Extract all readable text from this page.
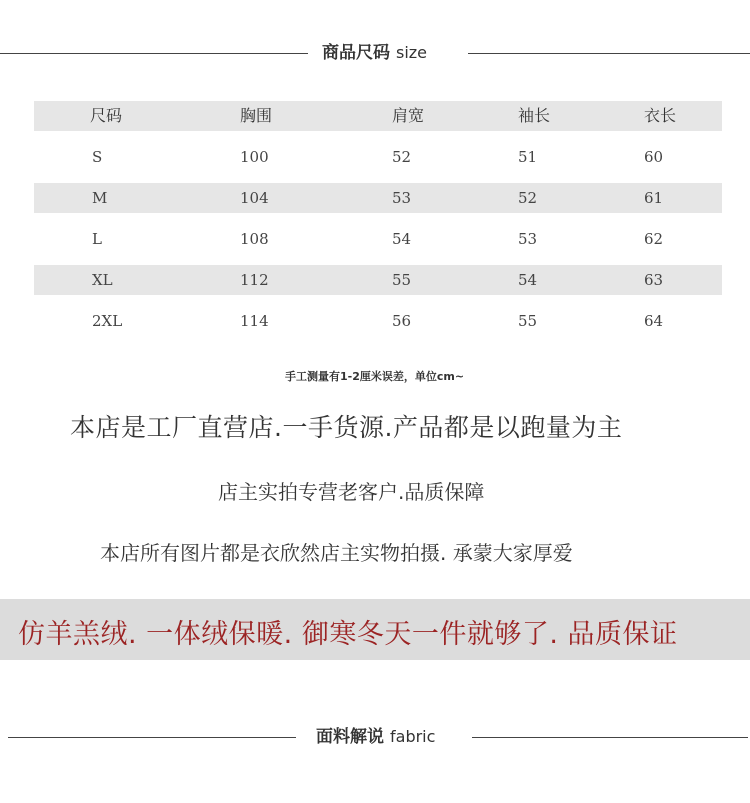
商品尺码 size
尺码	胸围	肩宽	袖长	衣长
S	100	52	51	60
M	104	53	52	61
L	108	54	53	62
XL	112	55	54	63
2XL	114	56	55	64
手工测量有1-2厘米误差，单位cm~
本店是工厂直营店.一手货源.产品都是以跑量为主
店主实拍专营老客户.品质保障
本店所有图片都是衣欣然店主实物拍摄. 承蒙大家厚爱
仿羊羔绒. 一体绒保暖. 御寒冬天一件就够了. 品质保证
面料解说 fabric
